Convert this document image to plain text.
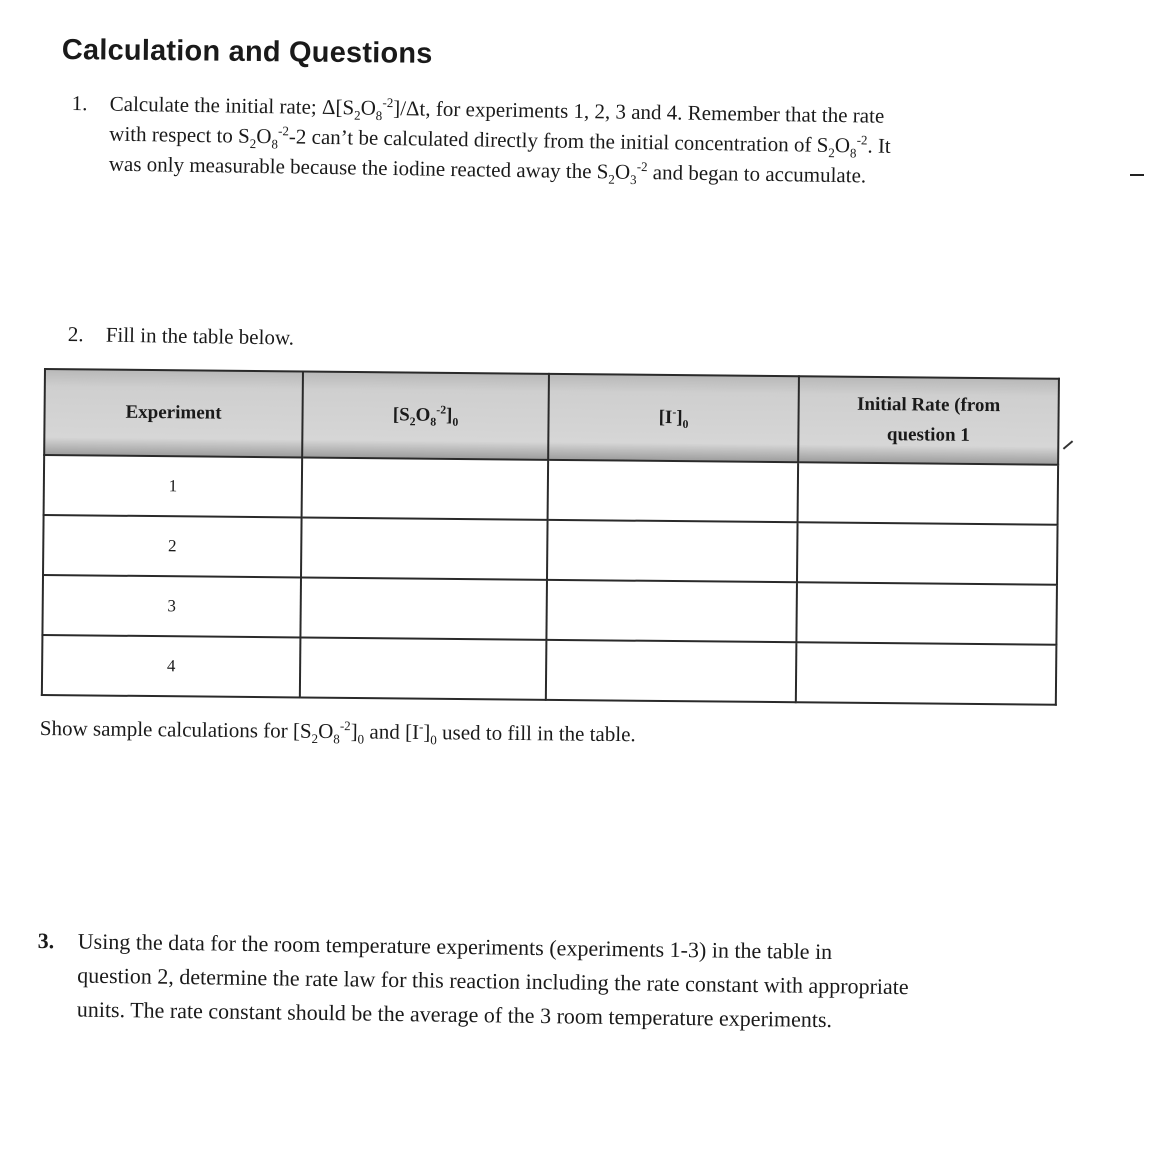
Calculation and Questions
1.	Calculate the initial rate; $\Delta[S_2O_8^{-2}]/\Delta t$, for experiments 1, 2, 3 and 4. Remember that the rate
with respect to $S_2O_8^{-2}-2$ can’t be calculated directly from the initial concentration of $S_2O_8^{-2}$. It
was only measurable because the iodine reacted away the $S_2O_3^{-2}$ and began to accumulate.
2. Fill in the table below.
Experiment	$[S_2O_8^{-2}]_0$	$[I^-]_0$	Initial Rate (from
question 1
1			
2			
3			
4			
Show sample calculations for $[S_2O_8^{-2}]_0$ and $[I^-]_0$ used to fill in the table.
3. Using the data for the room temperature experiments (experiments 1-3) in the table in
question 2, determine the rate law for this reaction including the rate constant with appropriate
units. The rate constant should be the average of the 3 room temperature experiments.
